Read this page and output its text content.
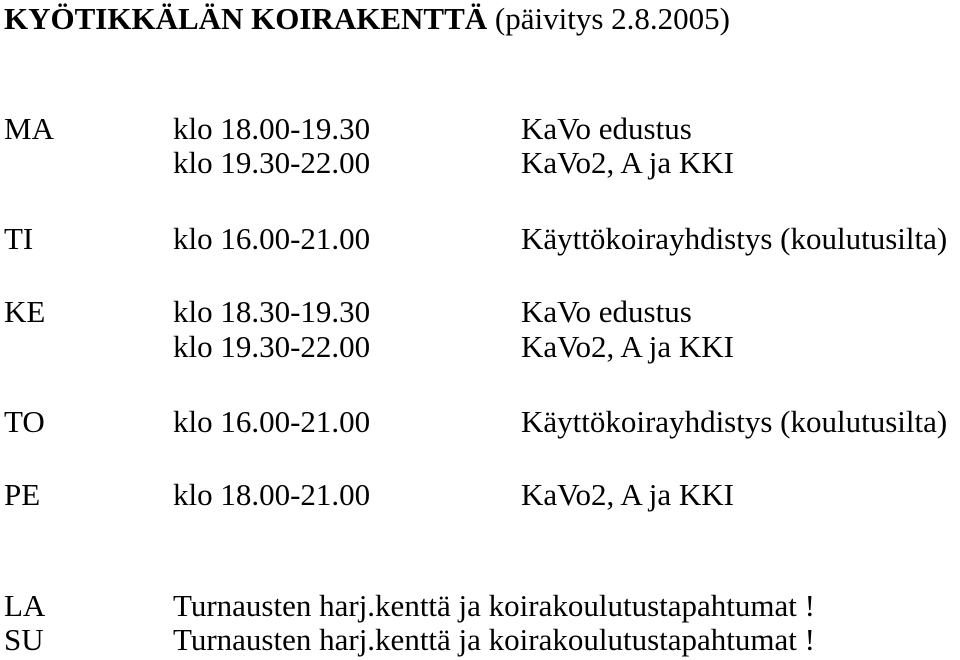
KYÖTIKKÄLÄN KOIRAKENTTÄ (päivitys 2.8.2005)
MA	klo 18.00-19.30	KaVo edustus
klo 19.30-22.00	KaVo2, A ja KKI
TI	klo 16.00-21.00	Käyttökoirayhdistys (koulutusilta)
KE	klo 18.30-19.30	KaVo edustus
klo 19.30-22.00	KaVo2, A ja KKI
TO	klo 16.00-21.00	Käyttökoirayhdistys (koulutusilta)
PE	klo 18.00-21.00	KaVo2, A ja KKI
LA	Turnausten harj.kenttä ja koirakoulutustapahtumat !
SU	Turnausten harj.kenttä ja koirakoulutustapahtumat !
